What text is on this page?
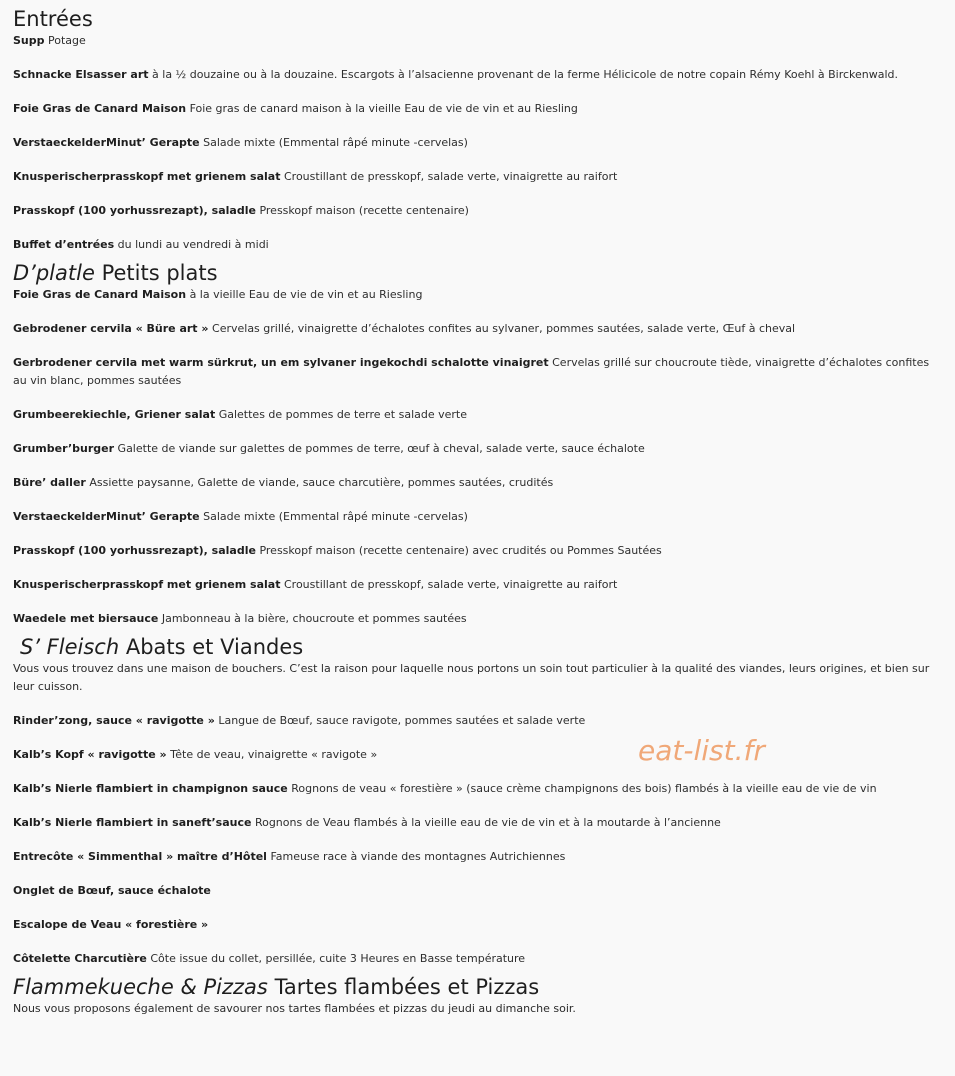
Entrées
Supp Potage
Schnacke Elsasser art à la ½ douzaine ou à la douzaine. Escargots à l’alsacienne provenant de la ferme Hélicicole de notre copain Rémy Koehl à Birckenwald.
Foie Gras de Canard Maison Foie gras de canard maison à la vieille Eau de vie de vin et au Riesling
VerstaeckelderMinut’ Gerapte Salade mixte (Emmental râpé minute -cervelas)
Knusperischerprasskopf met grienem salat Croustillant de presskopf, salade verte, vinaigrette au raifort
Prasskopf (100 yorhussrezapt), saladle Presskopf maison (recette centenaire)
Buffet d’entrées du lundi au vendredi à midi
D’platle Petits plats
Foie Gras de Canard Maison à la vieille Eau de vie de vin et au Riesling
Gebrodener cervila « Büre art » Cervelas grillé, vinaigrette d’échalotes confites au sylvaner, pommes sautées, salade verte, Œuf à cheval
Gerbrodener cervila met warm sürkrut, un em sylvaner ingekochdi schalotte vinaigret Cervelas grillé sur choucroute tiède, vinaigrette d’échalotes confites au vin blanc, pommes sautées
Grumbeerekiechle, Griener salat Galettes de pommes de terre et salade verte
Grumber’burger Galette de viande sur galettes de pommes de terre, œuf à cheval, salade verte, sauce échalote
Büre’ daller Assiette paysanne, Galette de viande, sauce charcutière, pommes sautées, crudités
VerstaeckelderMinut’ Gerapte Salade mixte (Emmental râpé minute -cervelas)
Prasskopf (100 yorhussrezapt), saladle Presskopf maison (recette centenaire) avec crudités ou Pommes Sautées
Knusperischerprasskopf met grienem salat Croustillant de presskopf, salade verte, vinaigrette au raifort
Waedele met biersauce Jambonneau à la bière, choucroute et pommes sautées
S’ Fleisch Abats et Viandes

Vous vous trouvez dans une maison de bouchers. C’est la raison pour laquelle nous portons un soin tout particulier à la qualité des viandes, leurs origines, et bien sur leur cuisson.

Rinder’zong, sauce « ravigotte » Langue de Bœuf, sauce ravigote, pommes sautées et salade verte
Kalb’s Kopf « ravigotte » Tête de veau, vinaigrette « ravigote »
Kalb’s Nierle flambiert in champignon sauce Rognons de veau « forestière » (sauce crème champignons des bois) flambés à la vieille eau de vie de vin
Kalb’s Nierle flambiert in saneft’sauce Rognons de Veau flambés à la vieille eau de vie de vin et à la moutarde à l’ancienne
Entrecôte « Simmenthal » maître d’Hôtel Fameuse race à viande des montagnes Autrichiennes
Onglet de Bœuf, sauce échalote
Escalope de Veau « forestière »
Côtelette Charcutière Côte issue du collet, persillée, cuite 3 Heures en Basse température
Flammekueche & Pizzas Tartes flambées et Pizzas

Nous vous proposons également de savourer nos tartes flambées et pizzas du jeudi au dimanche soir.

eat-list.fr
